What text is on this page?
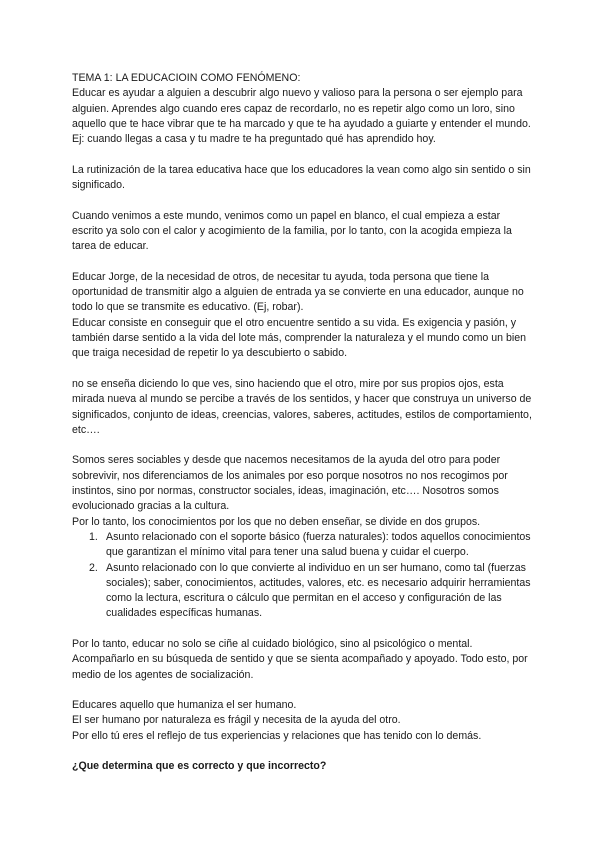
TEMA 1: LA EDUCACIOIN COMO FENÓMENO:

Educar es ayudar a alguien a descubrir algo nuevo y valioso para la persona o ser ejemplo para alguien. Aprendes algo cuando eres capaz de recordarlo, no es repetir algo como un loro, sino aquello que te hace vibrar que te ha marcado y que te ha ayudado a guiarte y entender el mundo.

Ej: cuando llegas a casa y tu madre te ha preguntado qué has aprendido hoy.

La rutinización de la tarea educativa hace que los educadores la vean como algo sin sentido o sin significado.

Cuando venimos a este mundo, venimos como un papel en blanco, el cual empieza a estar escrito ya solo con el calor y acogimiento de la familia, por lo tanto, con la acogida empieza la tarea de educar.

Educar Jorge, de la necesidad de otros, de necesitar tu ayuda, toda persona que tiene la oportunidad de transmitir algo a alguien de entrada ya se convierte en una educador, aunque no todo lo que se transmite es educativo. (Ej, robar).

Educar consiste en conseguir que el otro encuentre sentido a su vida. Es exigencia y pasión, y también darse sentido a la vida del lote más, comprender la naturaleza y el mundo como un bien que traiga necesidad de repetir lo ya descubierto o sabido.

no se enseña diciendo lo que ves, sino haciendo que el otro, mire por sus propios ojos, esta mirada nueva al mundo se percibe a través de los sentidos, y hacer que construya un universo de significados, conjunto de ideas, creencias, valores, saberes, actitudes, estilos de comportamiento, etc….

Somos seres sociables y desde que nacemos necesitamos de la ayuda del otro para poder sobrevivir, nos diferenciamos de los animales por eso porque nosotros no nos recogimos por instintos, sino por normas, constructor sociales, ideas, imaginación, etc…. Nosotros somos evolucionado gracias a la cultura.

Por lo tanto, los conocimientos por los que no deben enseñar, se divide en dos grupos.

1. Asunto relacionado con el soporte básico (fuerza naturales): todos aquellos conocimientos que garantizan el mínimo vital para tener una salud buena y cuidar el cuerpo.
2. Asunto relacionado con lo que convierte al individuo en un ser humano, como tal (fuerzas sociales); saber, conocimientos, actitudes, valores, etc. es necesario adquirir herramientas como la lectura, escritura o cálculo que permitan en el acceso y configuración de las cualidades específicas humanas.

Por lo tanto, educar no solo se ciñe al cuidado biológico, sino al psicológico o mental. Acompañarlo en su búsqueda de sentido y que se sienta acompañado y apoyado. Todo esto, por medio de los agentes de socialización.

Educares aquello que humaniza el ser humano.

El ser humano por naturaleza es frágil y necesita de la ayuda del otro.

Por ello tú eres el reflejo de tus experiencias y relaciones que has tenido con lo demás.

¿Que determina que es correcto y que incorrecto?
